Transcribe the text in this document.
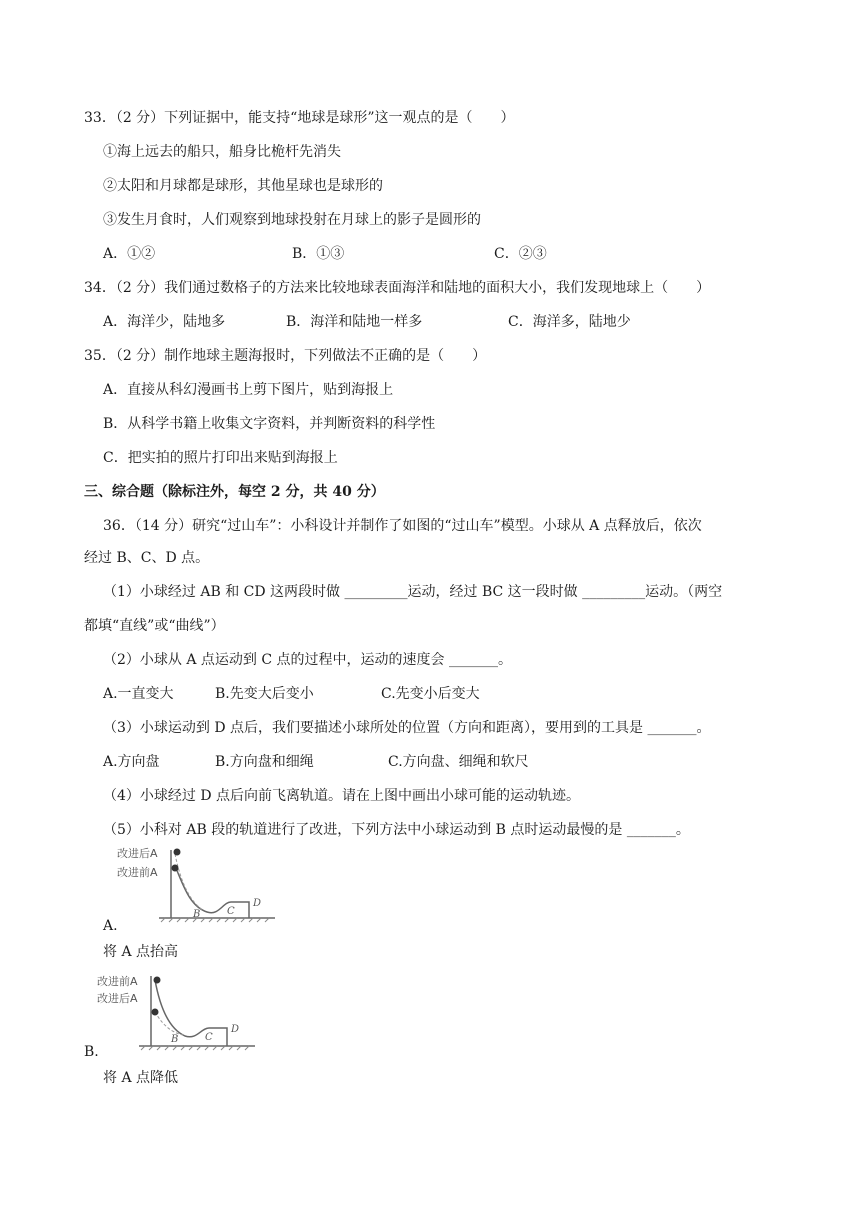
33．（2 分）下列证据中，能支持“地球是球形”这一观点的是（　　）
①海上远去的船只，船身比桅杆先消失
②太阳和月球都是球形，其他星球也是球形的
③发生月食时，人们观察到地球投射在月球上的影子是圆形的
A．①②	B．①③	C．②③
34．（2 分）我们通过数格子的方法来比较地球表面海洋和陆地的面积大小，我们发现地球上（　　）
A．海洋少，陆地多	B．海洋和陆地一样多	C．海洋多，陆地少
35．（2 分）制作地球主题海报时，下列做法不正确的是（　　）
A．直接从科幻漫画书上剪下图片，贴到海报上
B．从科学书籍上收集文字资料，并判断资料的科学性
C．把实拍的照片打印出来贴到海报上
三、综合题（除标注外，每空 2 分，共 40 分）
36．（14 分）研究“过山车”：小科设计并制作了如图的“过山车”模型。小球从 A 点释放后，依次
经过 B、C、D 点。
（1）小球经过 AB 和 CD 这两段时做 _________运动，经过 BC 这一段时做 _________运动。（两空
都填“直线”或“曲线”）
（2）小球从 A 点运动到 C 点的过程中，运动的速度会 _______。
A.一直变大	B.先变大后变小	C.先变小后变大
（3）小球运动到 D 点后，我们要描述小球所处的位置（方向和距离），要用到的工具是 _______。
A.方向盘	B.方向盘和细绳	C.方向盘、细绳和软尺
（4）小球经过 D 点后向前飞离轨道。请在上图中画出小球可能的运动轨迹。
（5）小科对 AB 段的轨道进行了改进，下列方法中小球运动到 B 点时运动最慢的是 _______。
改进后A
改进前A
B	C
D
A.
将 A 点抬高
改进前A
改进后A
B	C
D
B.
将 A 点降低
